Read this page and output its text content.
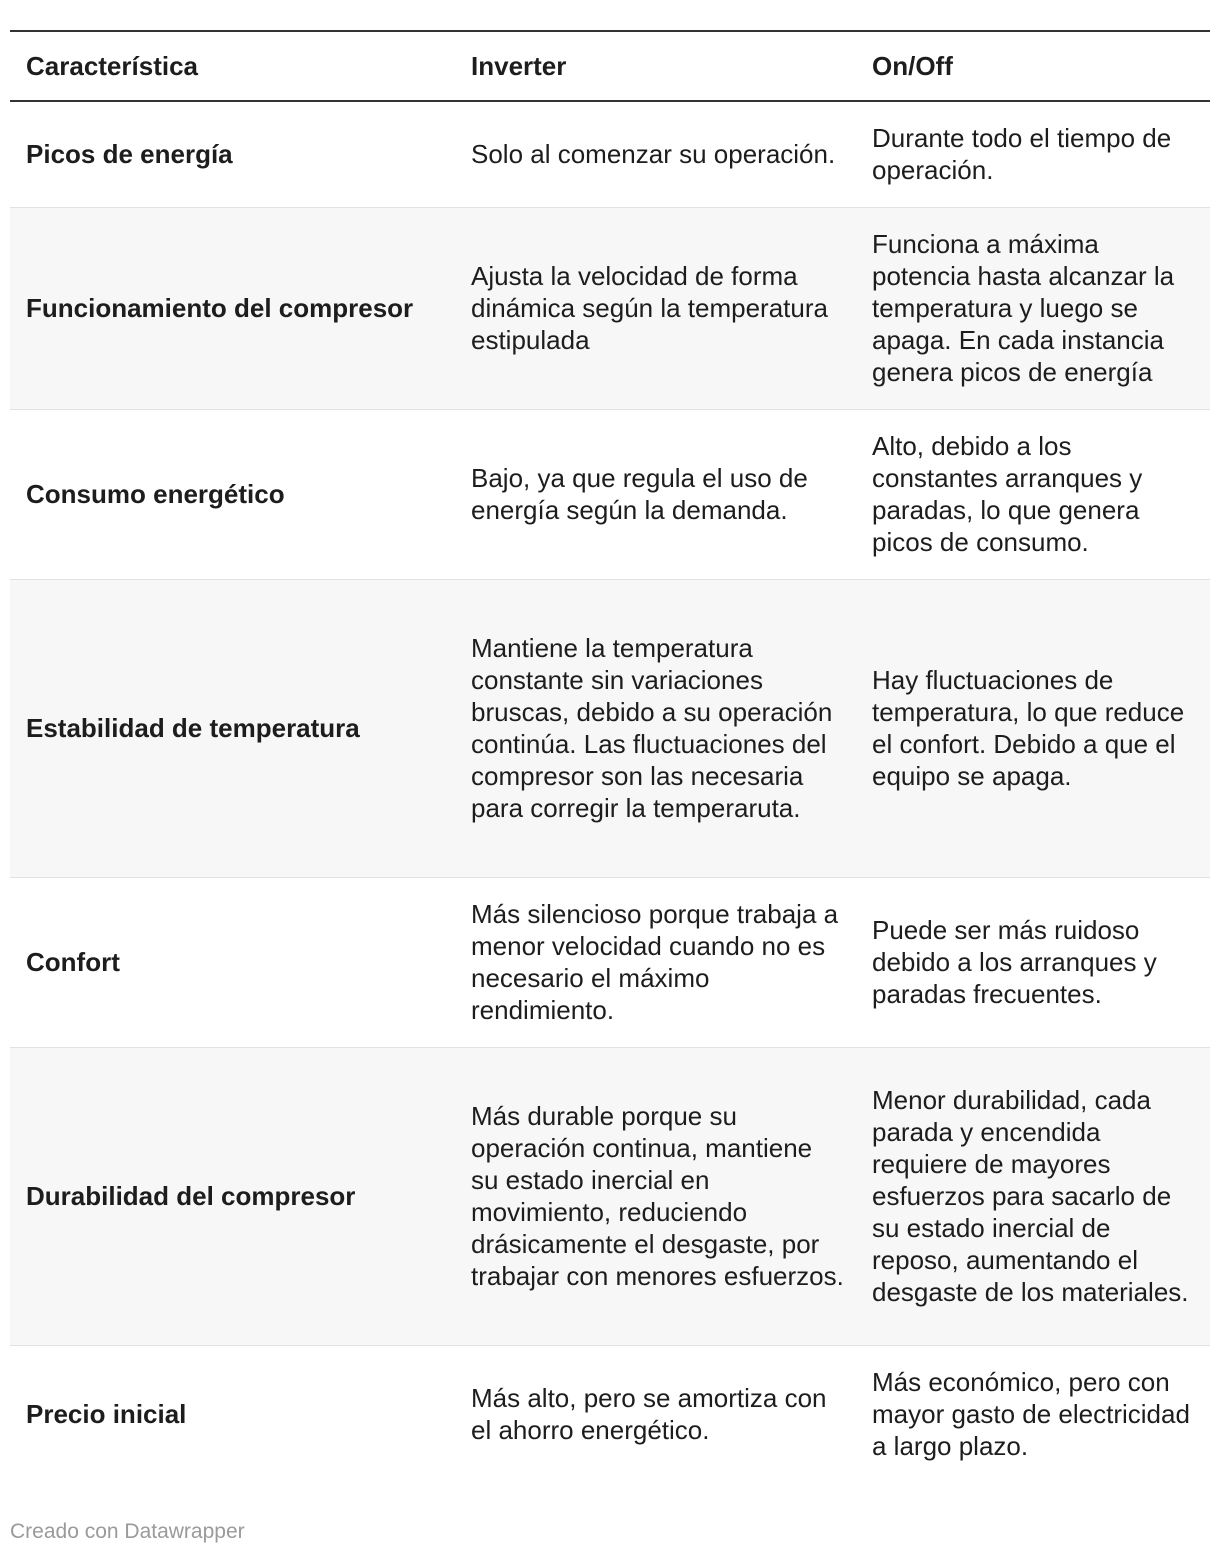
Característica	Inverter	On/Off
Picos de energía	Solo al comenzar su operación.	Durante todo el tiempo de operación.
Funcionamiento del compresor	Ajusta la velocidad de forma dinámica según la temperatura estipulada	Funciona a máxima potencia hasta alcanzar la temperatura y luego se apaga. En cada instancia genera picos de energía
Consumo energético	Bajo, ya que regula el uso de energía según la demanda.	Alto, debido a los constantes arranques y paradas, lo que genera picos de consumo.
Estabilidad de temperatura	Mantiene la temperatura constante sin variaciones bruscas, debido a su operación continúa. Las fluctuaciones del compresor son las necesaria para corregir la temperaruta.	Hay fluctuaciones de temperatura, lo que reduce el confort. Debido a que el equipo se apaga.
Confort	Más silencioso porque trabaja a menor velocidad cuando no es necesario el máximo rendimiento.	Puede ser más ruidoso debido a los arranques y paradas frecuentes.
Durabilidad del compresor	Más durable porque su operación continua, mantiene su estado inercial en movimiento, reduciendo drásicamente el desgaste, por trabajar con menores esfuerzos.	Menor durabilidad, cada parada y encendida requiere de mayores esfuerzos para sacarlo de su estado inercial de reposo, aumentando el desgaste de los materiales.
Precio inicial	Más alto, pero se amortiza con el ahorro energético.	Más económico, pero con mayor gasto de electricidad a largo plazo.
Creado con Datawrapper
